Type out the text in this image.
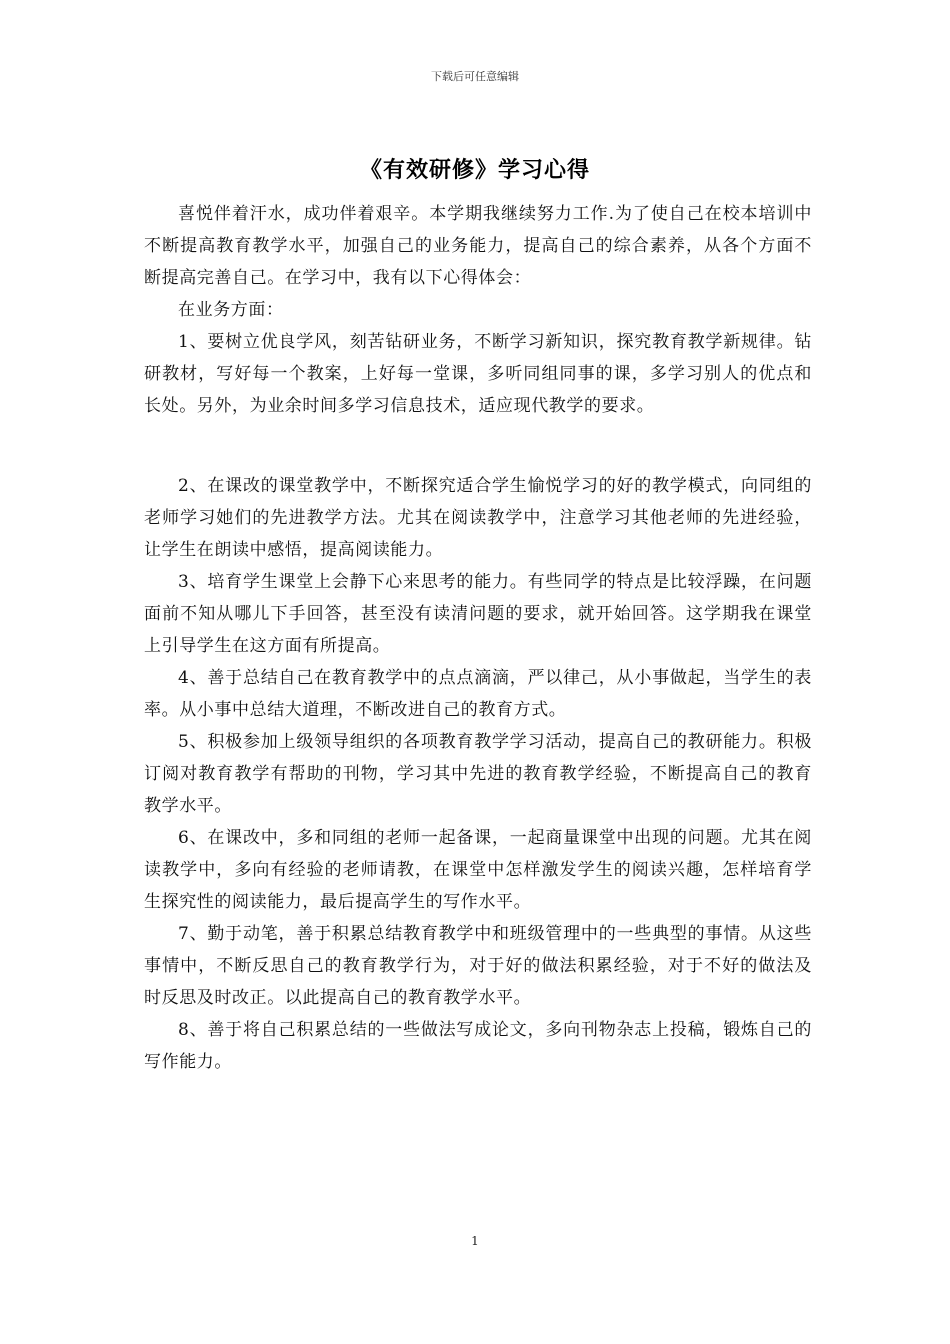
下载后可任意编辑
《有效研修》学习心得

喜悦伴着汗水，成功伴着艰辛。本学期我继续努力工作.为了使自己在校本培训中不断提高教育教学水平，加强自己的业务能力，提高自己的综合素养，从各个方面不断提高完善自己。在学习中，我有以下心得体会：

在业务方面：

1、要树立优良学风，刻苦钻研业务，不断学习新知识，探究教育教学新规律。钻研教材，写好每一个教案，上好每一堂课，多听同组同事的课，多学习别人的优点和长处。另外，为业余时间多学习信息技术，适应现代教学的要求。

2、在课改的课堂教学中，不断探究适合学生愉悦学习的好的教学模式，向同组的老师学习她们的先进教学方法。尤其在阅读教学中，注意学习其他老师的先进经验，让学生在朗读中感悟，提高阅读能力。

3、培育学生课堂上会静下心来思考的能力。有些同学的特点是比较浮躁，在问题面前不知从哪儿下手回答，甚至没有读清问题的要求，就开始回答。这学期我在课堂上引导学生在这方面有所提高。

4、善于总结自己在教育教学中的点点滴滴，严以律己，从小事做起，当学生的表率。从小事中总结大道理，不断改进自己的教育方式。

5、积极参加上级领导组织的各项教育教学学习活动，提高自己的教研能力。积极订阅对教育教学有帮助的刊物，学习其中先进的教育教学经验，不断提高自己的教育教学水平。

6、在课改中，多和同组的老师一起备课，一起商量课堂中出现的问题。尤其在阅读教学中，多向有经验的老师请教，在课堂中怎样激发学生的阅读兴趣，怎样培育学生探究性的阅读能力，最后提高学生的写作水平。

7、勤于动笔，善于积累总结教育教学中和班级管理中的一些典型的事情。从这些事情中，不断反思自己的教育教学行为，对于好的做法积累经验，对于不好的做法及时反思及时改正。以此提高自己的教育教学水平。

8、善于将自己积累总结的一些做法写成论文，多向刊物杂志上投稿，锻炼自己的写作能力。

1
